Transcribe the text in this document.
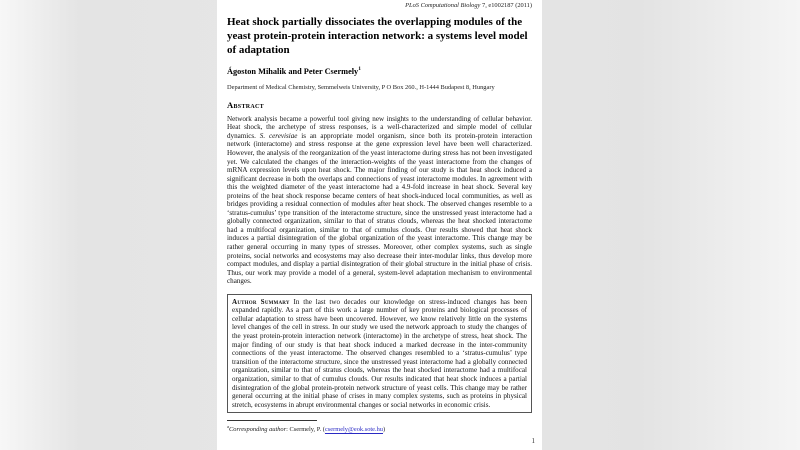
PLoS Computational Biology 7, e1002187 (2011)
Heat shock partially dissociates the overlapping modules of the yeast protein-protein interaction network: a systems level model of adaptation
Ágoston Mihalik and Peter Csermely$^1$
Department of Medical Chemistry, Semmelweis University, P O Box 260., H-1444 Budapest 8, Hungary
Abstract
Network analysis became a powerful tool giving new insights to the understanding of cellular behavior. Heat shock, the archetype of stress responses, is a well-characterized and simple model of cellular dynamics. S. cerevisiae is an appropriate model organism, since both its protein-protein interaction network (interactome) and stress response at the gene expression level have been well characterized. However, the analysis of the reorganization of the yeast interactome during stress has not been investigated yet. We calculated the changes of the interaction-weights of the yeast interactome from the changes of mRNA expression levels upon heat shock. The major finding of our study is that heat shock induced a significant decrease in both the overlaps and connections of yeast interactome modules. In agreement with this the weighted diameter of the yeast interactome had a 4.9-fold increase in heat shock. Several key proteins of the heat shock response became centers of heat shock-induced local communities, as well as bridges providing a residual connection of modules after heat shock. The observed changes resemble to a ‘stratus-cumulus’ type transition of the interactome structure, since the unstressed yeast interactome had a globally connected organization, similar to that of stratus clouds, whereas the heat shocked interactome had a multifocal organization, similar to that of cumulus clouds. Our results showed that heat shock induces a partial disintegration of the global organization of the yeast interactome. This change may be rather general occurring in many types of stresses. Moreover, other complex systems, such as single proteins, social networks and ecosystems may also decrease their inter-modular links, thus develop more compact modules, and display a partial disintegration of their global structure in the initial phase of crisis. Thus, our work may provide a model of a general, system-level adaptation mechanism to environmental changes.
Author Summary In the last two decades our knowledge on stress-induced changes has been expanded rapidly. As a part of this work a large number of key proteins and biological processes of cellular adaptation to stress have been uncovered. However, we know relatively little on the systems level changes of the cell in stress. In our study we used the network approach to study the changes of the yeast protein-protein interaction network (interactome) in the archetype of stress, heat shock. The major finding of our study is that heat shock induced a marked decrease in the inter-community connections of the yeast interactome. The observed changes resembled to a ‘stratus-cumulus’ type transition of the interactome structure, since the unstressed yeast interactome had a globally connected organization, similar to that of stratus clouds, whereas the heat shocked interactome had a multifocal organization, similar to that of cumulus clouds. Our results indicated that heat shock induces a partial disintegration of the global protein-protein network structure of yeast cells. This change may be rather general occurring at the initial phase of crises in many complex systems, such as proteins in physical stretch, ecosystems in abrupt environmental changes or social networks in economic crisis.
$^a$Corresponding author: Csermely, P. (csermely@eok.sote.hu)
1
